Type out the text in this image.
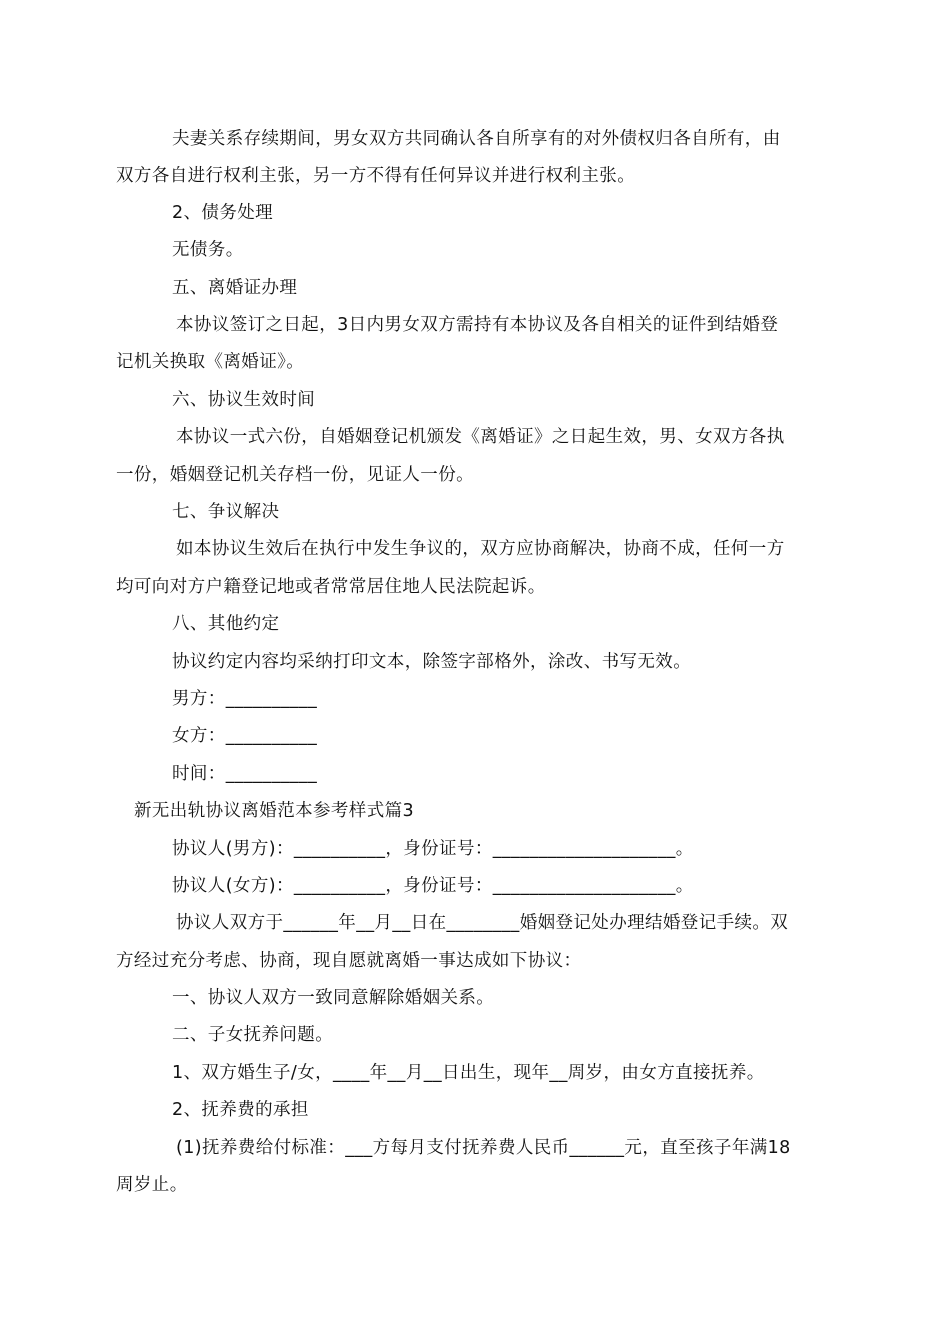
夫妻关系存续期间，男女双方共同确认各自所享有的对外债权归各自所有，由
双方各自进行权利主张，另一方不得有任何异议并进行权利主张。
2、债务处理
无债务。
五、离婚证办理
本协议签订之日起，3日内男女双方需持有本协议及各自相关的证件到结婚登
记机关换取《离婚证》。
六、协议生效时间
本协议一式六份，自婚姻登记机颁发《离婚证》之日起生效，男、女双方各执
一份，婚姻登记机关存档一份，见证人一份。
七、争议解决
如本协议生效后在执行中发生争议的，双方应协商解决，协商不成，任何一方
均可向对方户籍登记地或者常常居住地人民法院起诉。
八、其他约定
协议约定内容均采纳打印文本，除签字部格外，涂改、书写无效。
男方：__________
女方：__________
时间：__________
新无出轨协议离婚范本参考样式篇3
协议人(男方)：__________，身份证号：____________________。
协议人(女方)：__________，身份证号：____________________。
协议人双方于______年__月__日在________婚姻登记处办理结婚登记手续。双
方经过充分考虑、协商，现自愿就离婚一事达成如下协议：
一、协议人双方一致同意解除婚姻关系。
二、子女抚养问题。
1、双方婚生子/女，____年__月__日出生，现年__周岁，由女方直接抚养。
2、抚养费的承担
(1)抚养费给付标准：___方每月支付抚养费人民币______元，直至孩子年满18
周岁止。
